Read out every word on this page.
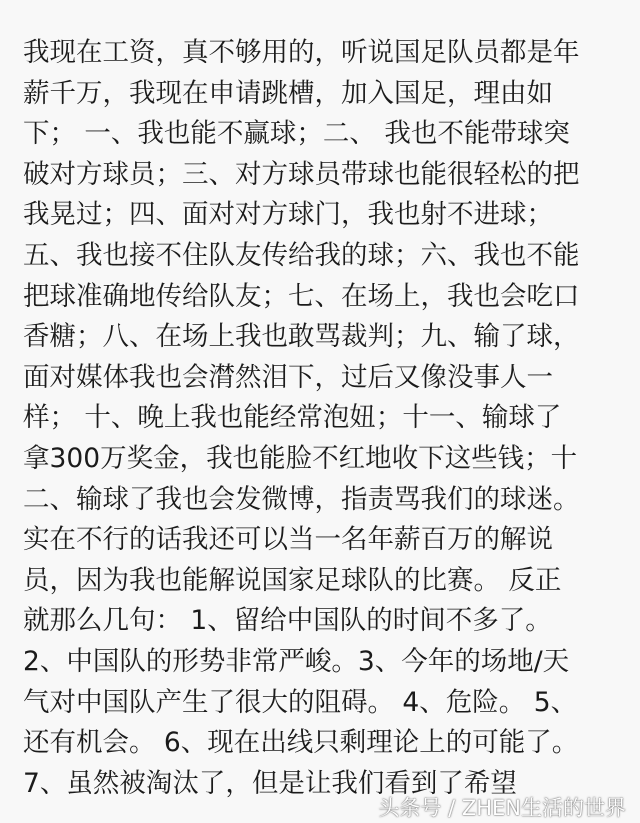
我现在工资，真不够用的，听说国足队员都是年
薪千万，我现在申请跳槽，加入国足，理由如
下； 一、我也能不赢球；二、 我也不能带球突
破对方球员；三、对方球员带球也能很轻松的把
我晃过；四、面对对方球门，我也射不进球；
五、我也接不住队友传给我的球；六、我也不能
把球准确地传给队友；七、在场上，我也会吃口
香糖；八、在场上我也敢骂裁判；九、输了球，
面对媒体我也会潸然泪下，过后又像没事人一
样； 十、晚上我也能经常泡妞；十一、输球了
拿300万奖金，我也能脸不红地收下这些钱；十
二、输球了我也会发微博，指责骂我们的球迷。
实在不行的话我还可以当一名年薪百万的解说
员，因为我也能解说国家足球队的比赛。 反正
就那么几句： 1、留给中国队的时间不多了。
2、中国队的形势非常严峻。3、今年的场地/天
气对中国队产生了很大的阻碍。 4、危险。 5、
还有机会。 6、现在出线只剩理论上的可能了。
7、虽然被淘汰了，但是让我们看到了希望
头条号 / ZHEN生活的世界
